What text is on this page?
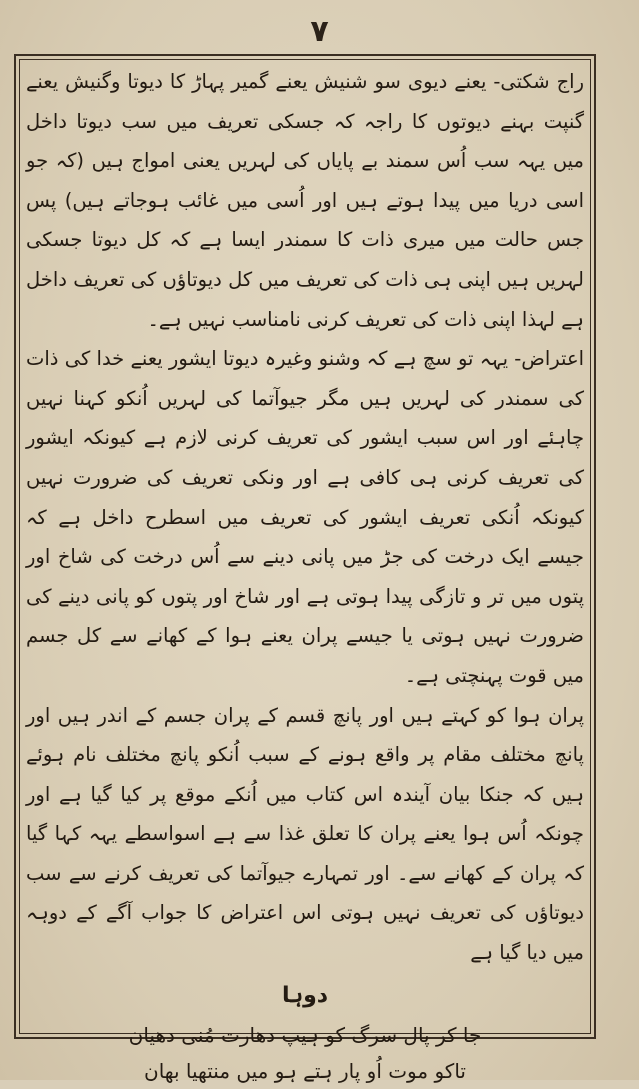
۷

راج شکتی- یعنے دیوی سو شنیش یعنے گمیر پہاڑ کا دیوتا وگنیش یعنے گنپت بہنے دیوتوں کا راجہ کہ جسکی تعریف میں سب دیوتا داخل میں یہہ سب اُس سمند بے پایاں کی لہریں یعنی امواج ہیں (کہ جو اسی دریا میں پیدا ہوتے ہیں اور اُسی میں غائب ہوجاتے ہیں) پس جس حالت میں میری ذات کا سمندر ایسا ہے کہ کل دیوتا جسکی لہریں ہیں اپنی ہی ذات کی تعریف میں کل دیوتاؤں کی تعریف داخل ہے لہذا اپنی ذات کی تعریف کرنی نامناسب نہیں ہے۔

اعتراض- یہہ تو سچ ہے کہ وشنو وغیرہ دیوتا ایشور یعنے خدا کی ذات کی سمندر کی لہریں ہیں مگر جیوآتما کی لہریں اُنکو کہنا نہیں چاہئے اور اس سبب ایشور کی تعریف کرنی لازم ہے کیونکہ ایشور کی تعریف کرنی ہی کافی ہے اور ونکی تعریف کی ضرورت نہیں کیونکہ اُنکی تعریف ایشور کی تعریف میں اسطرح داخل ہے کہ جیسے ایک درخت کی جڑ میں پانی دینے سے اُس درخت کی شاخ اور پتوں میں تر و تازگی پیدا ہوتی ہے اور شاخ اور پتوں کو پانی دینے کی ضرورت نہیں ہوتی یا جیسے پران یعنے ہوا کے کھانے سے کل جسم میں قوت پہنچتی ہے۔

پران ہوا کو کہتے ہیں اور پانچ قسم کے پران جسم کے اندر ہیں اور پانچ مختلف مقام پر واقع ہونے کے سبب اُنکو پانچ مختلف نام ہوئے ہیں کہ جنکا بیان آیندہ اس کتاب میں اُنکے موقع پر کیا گیا ہے اور چونکہ اُس ہوا یعنے پران کا تعلق غذا سے ہے اسواسطے یہہ کہا گیا کہ پران کے کھانے سے۔ اور تمہارے جیوآتما کی تعریف کرنے سے سب دیوتاؤں کی تعریف نہیں ہوتی اس اعتراض کا جواب آگے کے دوہہ میں دیا گیا ہے

دوہا

جا کر پال سرگ کو ہیپ دھارت مُنی دھیان

تاکو موت اُو پار ہتے ہو میں منتھیا بھان
